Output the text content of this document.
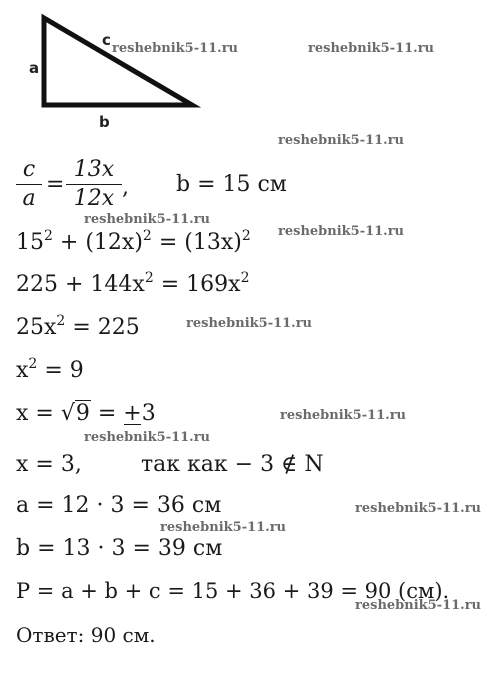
a
b
c reshebnik5-11.ru	reshebnik5-11.ru
reshebnik5-11.ru
reshebnik5-11.ru
reshebnik5-11.ru
reshebnik5-11.ru
reshebnik5-11.ru
reshebnik5-11.ru
reshebnik5-11.ru
reshebnik5-11.ru
reshebnik5-11.ru
c
a
=
13x
12x , b = 15 см
$15^2 + (12x)^2 = (13x)^2$
$225 + 144x^2 = 169x^2$
$25x^2 = 225$
$x^2 = 9$
x = √9 = +
3
x = 3,	так как − 3 ∉ N
a = 12 · 3 = 36 см
b = 13 · 3 = 39 см
P = a + b + c = 15 + 36 + 39 = 90 (см).
Ответ: 90 см.
